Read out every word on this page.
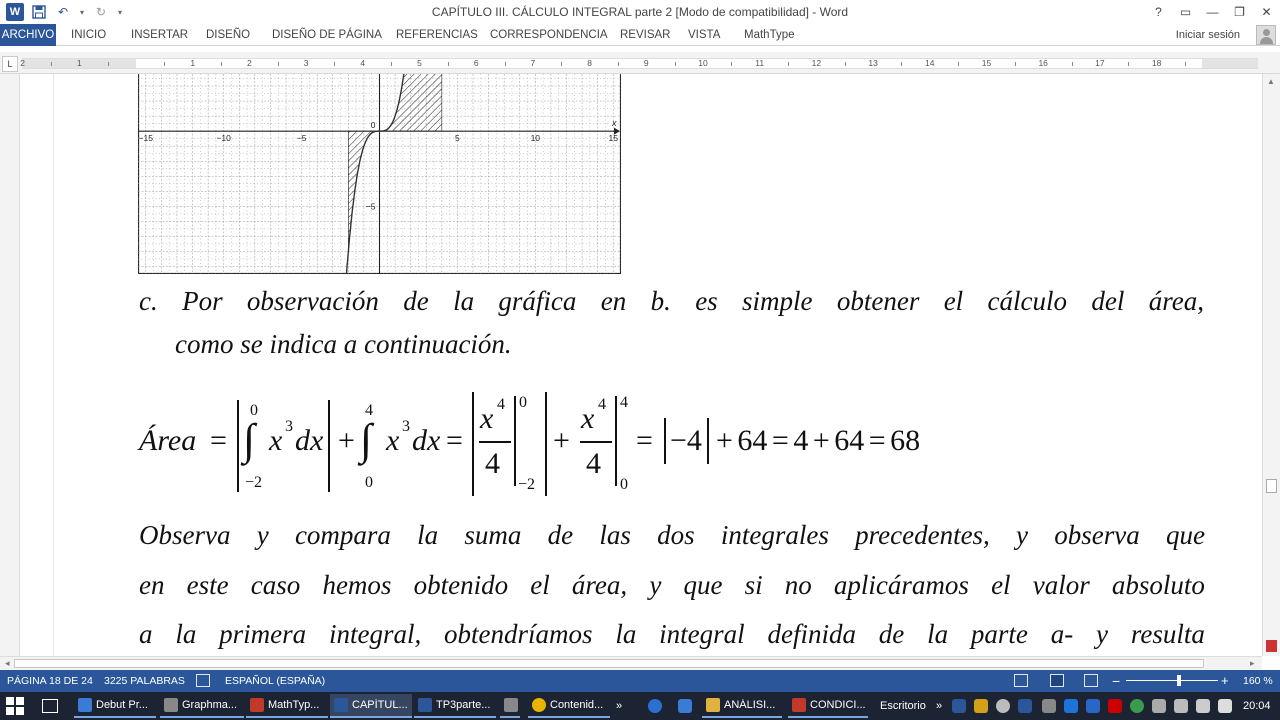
W	↶	▾ ↻	▾	CAPÍTULO III. CÁLCULO INTEGRAL parte 2 [Modo de compatibilidad] - Word	?	▭	—	❐	✕
ARCHIVO INICIO INSERTAR DISEÑO DISEÑO DE PÁGINA REFERENCIAS CORRESPONDENCIA REVISAR VISTA MathType	Iniciar sesión
L 2	1	1	2	3	4	5	6	7	8	9	10	11	12	13	14	15	16	17	18
−15	−10	−5	5	10	15
0
−5
x
c. Por observación de la gráfica en b. es simple obtener el cálculo del área,
como se indica a continuación.
Área = ∫
0
−2
x 3 dx + ∫
4
0
x 3 dx =
x 4
4
0
−2
+
x 4
4
4
0
= −4 + 64 = 4 + 64 = 68
Observa y compara la suma de las dos integrales precedentes, y observa que
en este caso hemos obtenido el área, y que si no aplicáramos el valor absoluto
a la primera integral, obtendríamos la integral definida de la parte a- y resulta
▲
◂	▸
PÁGINA 18 DE 24 3225 PALABRAS	ESPAÑOL (ESPAÑA)	−	+ 160 %
Debut Pr...	Graphma...	MathTyp...	CAPÍTUL...	TP3parte...	Contenid... »	ANÁLISI...	CONDICI... Escritorio »	20:04
